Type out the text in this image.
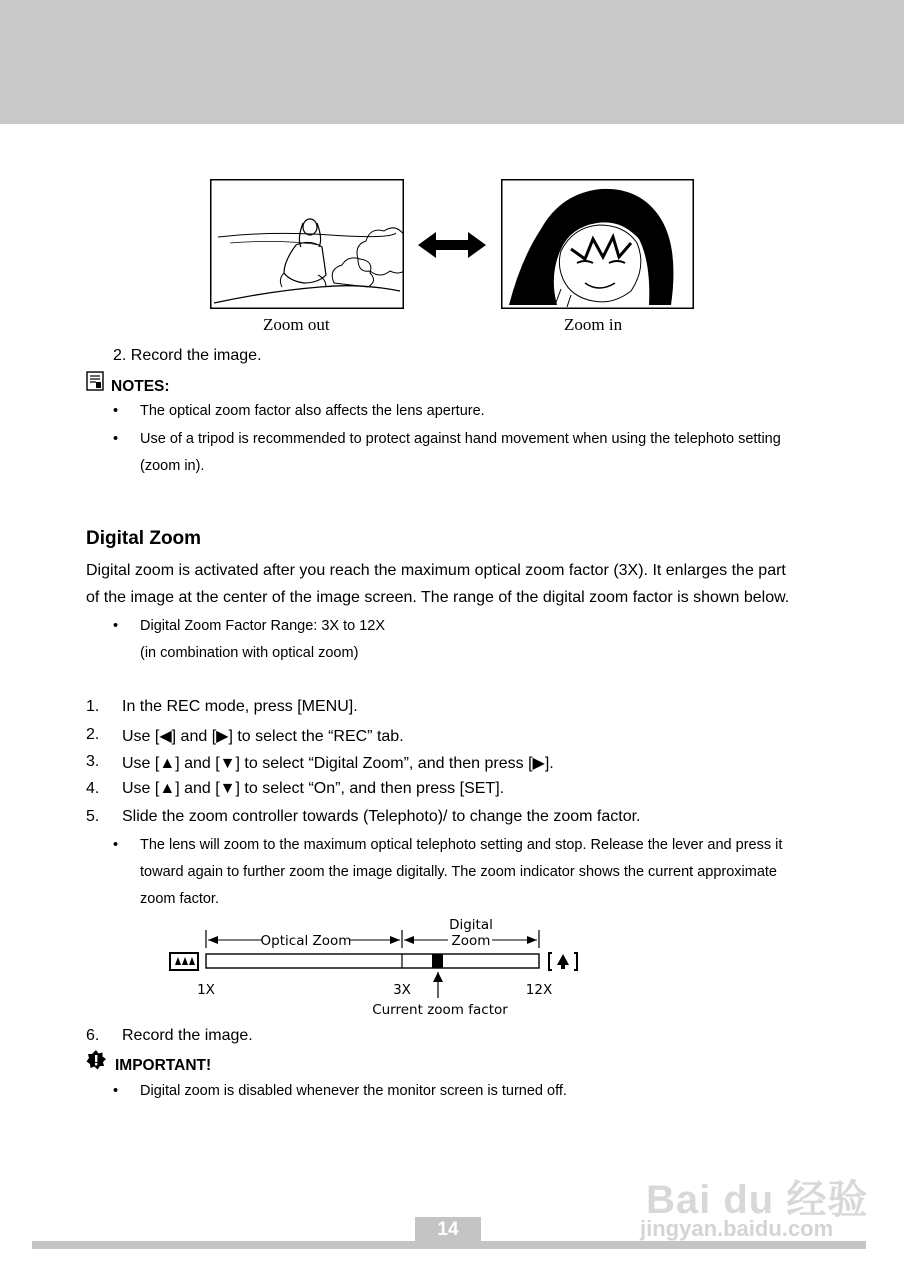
Zoom out	Zoom in
2. Record the image.
NOTES:
• The optical zoom factor also affects the lens aperture.
• Use of a tripod is recommended to protect against hand movement when using the telephoto setting
(zoom in).
Digital Zoom
Digital zoom is activated after you reach the maximum optical zoom factor (3X). It enlarges the part
of the image at the center of the image screen. The range of the digital zoom factor is shown below.
• Digital Zoom Factor Range: 3X to 12X
(in combination with optical zoom)
1. In the REC mode, press [MENU].
2. Use [◀] and [▶] to select the “REC” tab.
3. Use [▲] and [▼] to select “Digital Zoom”, and then press [▶].
4. Use [▲] and [▼] to select “On”, and then press [SET].
5. Slide the zoom controller towards (Telephoto)/ to change the zoom factor.
• The lens will zoom to the maximum optical telephoto setting and stop. Release the lever and press it
toward again to further zoom the image digitally. The zoom indicator shows the current approximate
zoom factor.
Optical Zoom
Digital
Zoom
1X	3X	12X
Current zoom factor
6. Record the image.
IMPORTANT!
• Digital zoom is disabled whenever the monitor screen is turned off.
Bai du 经验
jingyan.baidu.com
14
